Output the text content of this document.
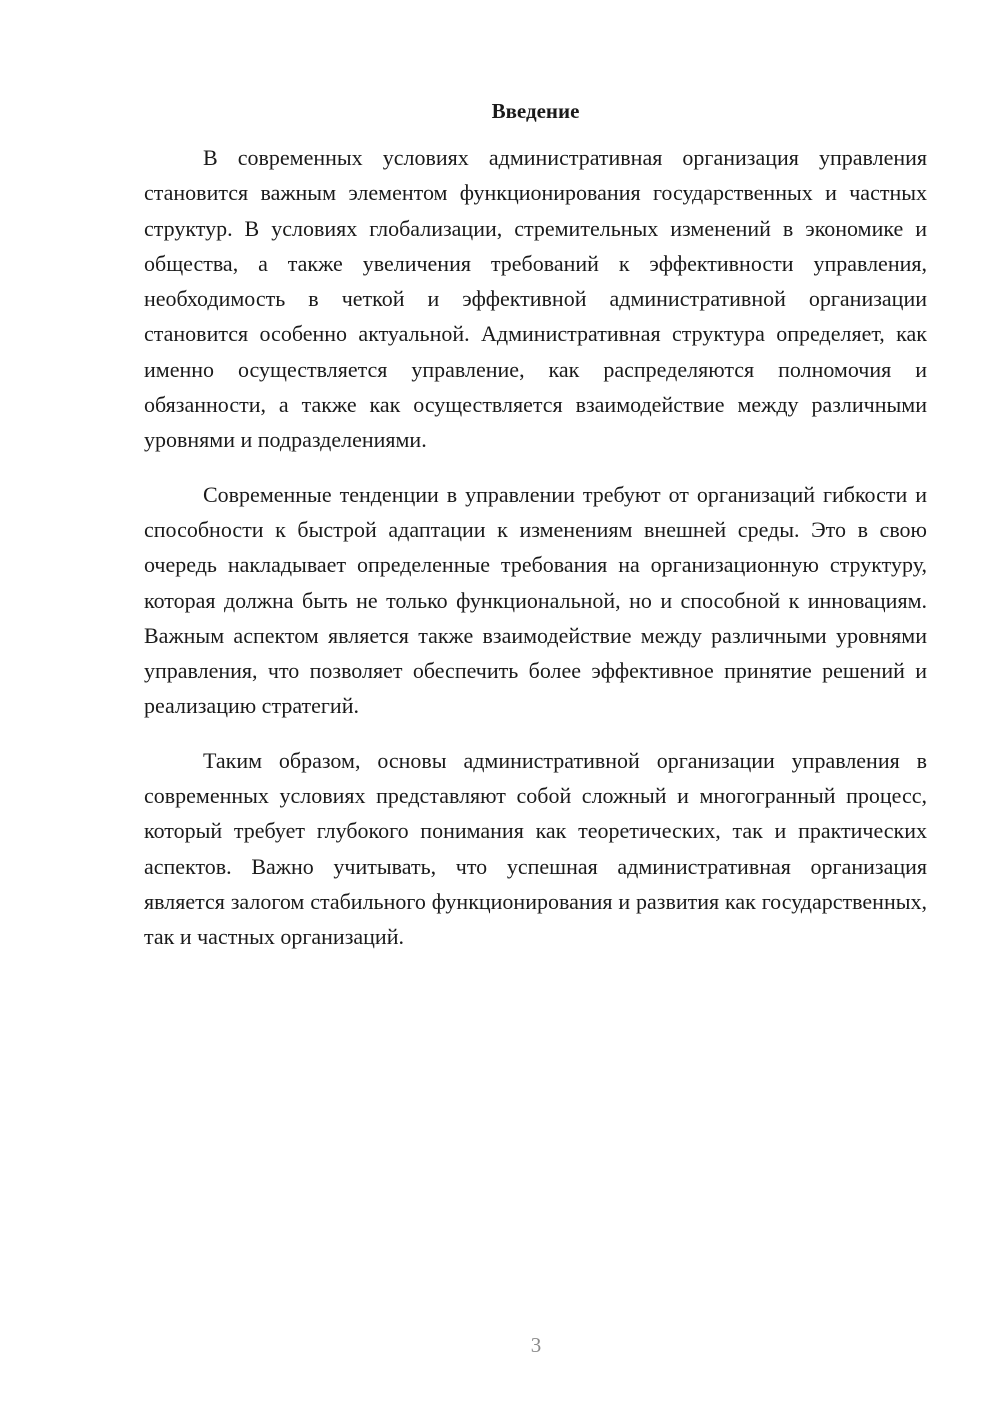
Введение

В современных условиях административная организация управления становится важным элементом функционирования государственных и частных структур. В условиях глобализации, стремительных изменений в экономике и общества, а также увеличения требований к эффективности управления, необходимость в четкой и эффективной административной организации становится особенно актуальной. Административная структура определяет, как именно осуществляется управление, как распределяются полномочия и обязанности, а также как осуществляется взаимодействие между различными уровнями и подразделениями.

Современные тенденции в управлении требуют от организаций гибкости и способности к быстрой адаптации к изменениям внешней среды. Это в свою очередь накладывает определенные требования на организационную структуру, которая должна быть не только функциональной, но и способной к инновациям. Важным аспектом является также взаимодействие между различными уровнями управления, что позволяет обеспечить более эффективное принятие решений и реализацию стратегий.

Таким образом, основы административной организации управления в современных условиях представляют собой сложный и многогранный процесс, который требует глубокого понимания как теоретических, так и практических аспектов. Важно учитывать, что успешная административная организация является залогом стабильного функционирования и развития как государственных, так и частных организаций.

3
